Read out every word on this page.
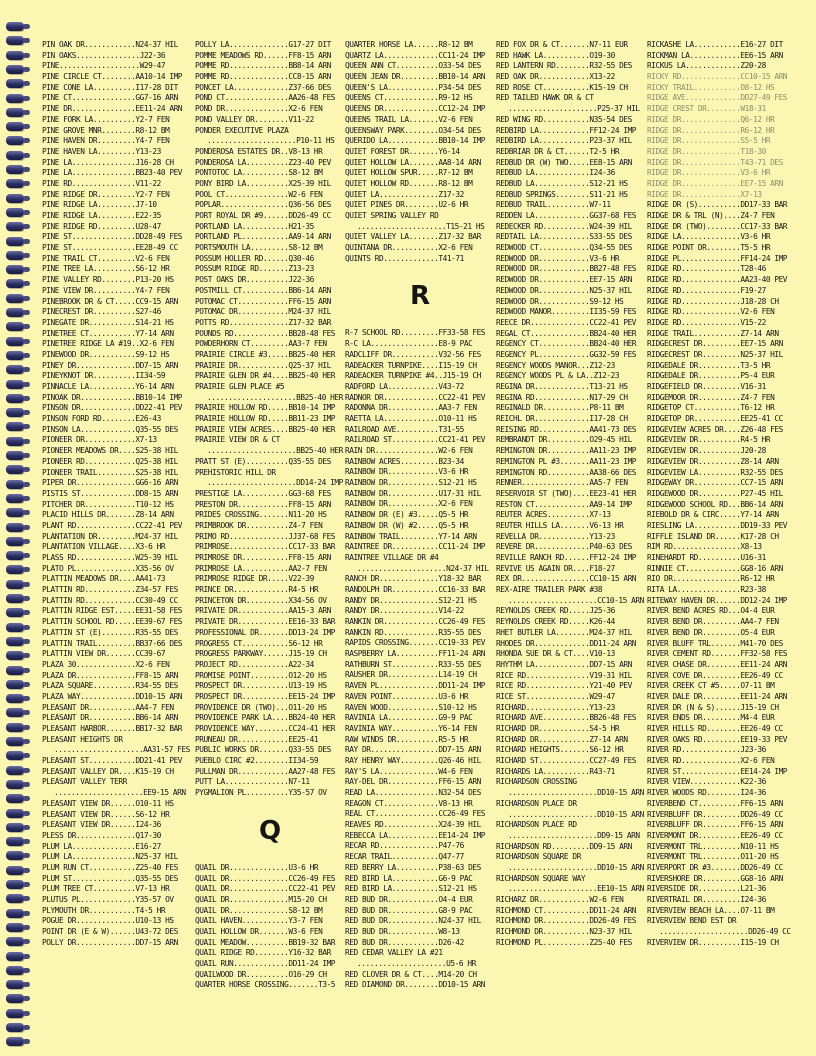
PIN OAK DR............N24-37 HIL
PIN OAKS...............J22-36
PINE...................W29-47
PINE CIRCLE CT........AA10-14 IMP
PINE CONE LA..........I17-28 DIT
PINE CT...............GG7-16 ARN
PINE DR...............EE11-24 ARN
PINE FORK LA..........Y2-7 FEN
PINE GROVE MNR........R8-12 BM
PINE HAVEN DR.........Y4-7 FEN
PINE HAVEN LA.........Y13-23
PINE LA...............J16-28 CH
PINE LA...............BB23-40 PEV
PINE RD...............V11-22
PINE RIDGE DR.........Y2-7 FEN
PINE RIDGE LA.........J7-10
PINE RIDGE LA.........E22-35
PINE RIDGE RD.........U28-47
PINE ST...............DD28-49 FES
PINE ST...............EE28-49 CC
PINE TRAIL CT.........V2-6 FEN
PINE TREE LA..........S6-12 HR
PINE VALLEY RD........P13-20 HS
PINE VIEW DR..........Y4-7 FEN
PINEBROOK DR & CT.....CC9-15 ARN
PINECREST DR..........S27-46
PINEGATE DR...........S14-21 HS
PINETREE CT...........Y7-14 ARN
PINETREE RIDGE LA #19..X2-6 FEN
PINEWOOD DR...........S9-12 HS
PINEY DR..............DD7-15 ARN
PINEYKNOT DR..........II34-59
PINNACLE LA...........Y6-14 ARN
PINOAK DR.............BB10-14 IMP
PINSON DR.............DD22-41 PEV
PINSON FORD RD........E26-43
PINSON LA.............Q35-55 DES
PIONEER DR............X7-13
PIONEER MEADOWS DR....S25-38 HIL
PIONEER RD............Q25-38 HIL
PIONEER TRAIL.........S25-38 HIL
PIPER DR..............GG6-16 ARN
PISTIS ST.............DD8-15 ARN
PITCHER DR............T10-12 HS
PLACID HILLS DR.......Z8-14 ARN
PLANT RD..............CC22-41 PEV
PLANTATION DR.........M24-37 HIL
PLANTATION VILLAGE....X3-6 HR
PLASS RD..............W25-39 HIL
PLATO PL..............X35-56 OV
PLATTIN MEADOWS DR....AA41-73
PLATTIN RD............Z34-57 FES
PLATTIN RD............CC30-49 CC
PLATTIN RIDGE EST.....EE31-58 FES
PLATTIN SCHOOL RD.....EE39-67 FES
PLATTIN ST (E)........R35-55 DES
PLATTIN TRAIL.........BB37-66 DES
PLATTIN VIEW DR.......CC39-67
PLAZA 30..............X2-6 FEN
PLAZA DR..............FF8-15 ARN
PLAZA SQUARE..........R34-55 DES
PLAZA WAY.............DD10-15 ARN
PLEASANT DR...........AA4-7 FEN
PLEASANT DR...........BB6-14 ARN
PLEASANT HARBOR.......BB17-32 BAR
PLEASANT HEIGHTS DR
.....................AA31-57 FES
PLEASANT ST...........DD21-41 PEV
PLEASANT VALLEY DR....K15-19 CH
PLEASANT VALLEY TERR
.....................EE9-15 ARN
PLEASANT VIEW DR......O10-11 HS
PLEASANT VIEW DR......S6-12 HR
PLEASANT VIEW DR......I24-36
PLESS DR..............Q17-30
PLUM LA...............E16-27
PLUM LA...............N25-37 HIL
PLUM RUN CT...........Z25-40 FES
PLUM ST...............Q35-55 DES
PLUM TREE CT..........V7-13 HR
PLUTUS PL.............Y35-57 OV
PLYMOUTH DR...........T4-5 HR
POGUE DR..............U10-13 HS
POINT DR (E & W)......U43-72 DES
POLLY DR..............DD7-15 ARN
POLLY LA..............G17-27 DIT
POMME MEADOWS RD......FF8-15 ARN
POMME RD..............BB8-14 ARN
POMME RD..............CC8-15 ARN
PONCET LA.............Z37-66 DES
POND CT...............AA26-48 FES
POND DR...............X2-6 FEN
POND VALLEY DR........V11-22
PONDER EXECUTIVE PLAZA
.....................P10-11 HS
PONDEROSA ESTATES DR..V8-13 HR
PONDEROSA LA..........Z23-40 PEV
PONTOTOC LA...........S8-12 BM
PONY BIRD LA..........X25-39 HIL
POOL CT...............W2-6 FEN
POPLAR................Q36-56 DES
PORT ROYAL DR #9......DD26-49 CC
PORTLAND LA...........H21-35
PORTLAND PL...........AA9-14 ARN
PORTSMOUTH LA.........S8-12 BM
POSSUM HOLLER RD......Q30-46
POSSUM RIDGE RD.......Z13-23
POST OAKS DR..........J22-36
POSTMILL CT...........BB6-14 ARN
POTOMAC CT............FF6-15 ARN
POTOMAC DR............M24-37 HIL
POTTS RD..............Z17-32 BAR
POUNDS RD.............BB28-48 FES
POWDERHORN CT.........AA3-7 FEN
PRAIRIE CIRCLE #3.....BB25-40 HER
PRAIRIE DR............Q25-37 HIL
PRAIRIE GLEN DR #4....BB25-40 HER
PRAIRIE GLEN PLACE #5
.....................BB25-40 HER
PRAIRIE HOLLOW RD.....BB10-14 IMP
PRAIRIE HOLLOW RD.....BB11-23 IMP
PRAIRIE VIEW ACRES....BB25-40 HER
PRAIRIE VIEW DR & CT
.....................BB25-40 HER
PRATT ST (E)..........Q35-55 DES
PREHISTORIC HILL DR
.....................DD14-24 IMP
PRESTIGE LA...........GG3-68 FES
PRESTON DR............FF8-15 ARN
PRIDES CROSSING.......N11-20 HS
PRIMBROOK DR..........Z4-7 FEN
PRIMO RD..............JJ37-68 FES
PRIMROSE..............CC17-33 BAR
PRIMROSE DR...........FF8-15 ARN
PRIMROSE LA...........AA2-7 FEN
PRIMROSE RIDGE DR.....V22-39
PRINCE DR.............R4-5 HR
PRINCETON DR..........X34-56 OV
PRIVATE DR............AA15-3 ARN
PRIVATE DR............EE16-33 BAR
PROFESSIONAL DR.......DD13-24 IMP
PROGRESS CT...........S6-12 HR
PROGRESS PARKWAY......J15-19 CH
PROJECT RD............A22-34
PROMISE POINT.........O12-20 HS
PROSPECT DR...........U13-19 HS
PROSPECT DR...........EE15-24 IMP
PROVIDENCE DR (TWO)...O11-20 HS
PROVIDENCE PARK LA....BB24-40 HER
PROVIDENCE WAY........CC24-41 HER
PRUNEAU DR............EE25-41
PUBLIC WORKS DR.......Q33-55 DES
PUEBLO CIRC #2........II34-59
PULLMAN DR............AA27-48 FES
PUTT LA...............N7-11
PYGMALION PL..........Y35-57 OV
Q
QUAIL DR..............U3-6 HR
QUAIL DR..............CC26-49 FES
QUAIL DR..............CC22-41 PEV
QUAIL DR..............M15-20 CH
QUAIL DR..............S8-12 BM
QUAIL HAVEN...........Y3-7 FEN
QUAIL HOLLOW DR.......W3-6 FEN
QUAIL MEADOW..........BB19-32 BAR
QUAIL RIDGE RD........Y16-32 BAR
QUAIL RUN.............DD11-24 IMP
QUAILWOOD DR..........O16-29 CH
QUARTER HORSE CROSSING.......T3-5
QUARTER HORSE LA......R8-12 BM
QUARTZ LA.............CC11-24 IMP
QUEEN ANN CT..........O33-54 DES
QUEEN JEAN DR.........BB10-14 ARN
QUEEN'S LA............P34-54 DES
QUEENS CT.............R9-12 HS
QUEENS DR.............CC12-24 IMP
QUEENS TRAIL LA.......V2-6 FEN
QUEENSWAY PARK........O34-54 DES
QUERIDO LA............BB10-14 IMP
QUIET FOREST DR.......Y6-14
QUIET HOLLOW LA.......AA8-14 ARN
QUIET HOLLOW SPUR.....R7-12 BM
QUIET HOLLOW RD.......R8-12 BM
QUIET LA..............Z17-32
QUIET PINES DR........U2-6 HR
QUIET SPRING VALLEY RD
.....................T15-21 HS
QUIET VALLEY LA.......Z17-32 BAR
QUINTANA DR...........X2-6 FEN
QUINTS RD.............T41-71
R
R-7 SCHOOL RD.........FF33-58 FES
R-C LA................E8-9 PAC
RADCLIFF DR...........V32-56 FES
RADEACKER TURNPIKE....I15-19 CH
RADEACKER TURNPIKE #4..J15-19 CH
RADFORD LA............V43-72
RADNOR DR.............CC22-41 PEV
RADONNA DR............AA3-7 FEN
RAETTA LA.............O10-11 HS
RAILROAD AVE..........T31-55
RAILROAD ST...........CC21-41 PEV
RAIN DR...............W2-6 FEN
RAINBOW ACRES.........B23-34
RAINBOW DR............V3-6 HR
RAINBOW DR............S12-21 HS
RAINBOW DR............U17-31 HIL
RAINBOW DR............X2-6 FEN
RAINBOW DR (E) #3.....Q5-5 HR
RAINBOW DR (W) #2.....Q5-5 HR
RAINBOW TRAIL.........Y7-14 ARN
RAINTREE DR...........CC11-24 IMP
RAINTREE VILLAGE DR #4
.....................N24-37 HIL
RANCH DR..............Y18-32 BAR
RANDOLPH DR...........CC16-33 BAR
RANDY DR..............S12-21 HS
RANDY DR..............V14-22
RANKIN DR.............CC26-49 FES
RANKIN RD.............R35-55 DES
RAPIDS CROSSING.......CC19-33 PEV
RASPBERRY LA..........FF11-24 ARN
RATHBURN ST...........R33-55 DES
RAUSHER DR............L14-19 CH
RAVEN PL..............DD11-24 IMP
RAVEN POINT...........U3-6 HR
RAVEN WOOD............S10-12 HS
RAVINIA LA............G9-9 PAC
RAVINIA WAY...........Y6-14 FEN
RAW WINDS DR..........R5-5 HR
RAY DR................DD7-15 ARN
RAY HENRY WAY.........Q26-46 HIL
RAY'S LA..............W4-6 FEN
RAY-DEL DR............FF6-15 ARN
READ LA...............N32-54 DES
REAGON CT.............V8-13 HR
REAL CT...............CC26-49 FES
REAVES RD.............X24-39 HIL
REBECCA LA............EE14-24 IMP
RECAR RD..............P47-76
RECAR TRAIL...........Q47-77
RED BERRY LA..........P38-63 DES
RED BIRD LA...........G6-9 PAC
RED BIRD LA...........S12-21 HS
RED BUD DR............O4-4 EUR
RED BUD DR............G8-9 PAC
RED BUD DR............N24-37 HIL
RED BUD DR............W8-13
RED BUD DR............D26-42
RED CEDAR VALLEY LA #21
.....................U5-6 HR
RED CLOVER DR & CT....M14-20 CH
RED DIAMOND DR........DD10-15 ARN
RED FOX DR & CT.......N7-11 EUR
RED HAWK LA...........O19-30
RED LANTERN RD........R32-55 DES
RED OAK DR............X13-22
RED ROSE CT...........K15-19 CH
RED TAILED HAWK DR & CT
.....................P25-37 HIL
RED WING RD...........N35-54 DES
REDBIRD LA............FF12-24 IMP
REDBIRD LA............P23-37 HIL
REDBRIAR DR & CT......T2-5 HR
REDBUD DR (W) TWO.....EE8-15 ARN
REDBUD LA.............I24-36
REDBUD LA.............S12-21 HS
REDBUD SPRINGS........S11-21 HS
REDBUD TRAIL..........W7-11
REDDEN LA.............GG37-68 FES
REDECKER RD...........W24-39 HIL
REDTAIL LA............S33-55 DES
REDWOOD CT............Q34-55 DES
REDWOOD DR............V3-6 HR
REDWOOD DR............BB27-48 FES
REDWOOD DR............EE7-15 ARN
REDWOOD DR............N25-37 HIL
REDWOOD DR............S9-12 HS
REDWOOD MANOR.........II35-59 FES
REECE DR..............CC22-41 PEV
REGAL CT..............BB24-40 HER
REGENCY CT............BB24-40 HER
REGENCY PL............GG32-59 FES
REGENCY WOODS MANOR...Z12-23
REGENCY WOODS PL & LA..Z12-23
REGINA DR.............T13-21 HS
REGINA RD.............N17-29 CH
REGINALD DR...........P8-11 BM
REICHL DR.............I17-28 CH
REISING RD............AA41-73 DES
REMBRANDT DR..........O29-45 HIL
REMINGTON DR..........AA11-23 IMP
REMINGTON PL #3.......AA11-23 IMP
REMINGTON RD..........AA38-66 DES
RENNER................AA5-7 FEN
RESERVOIR ST (TWO)....EE23-41 HER
RESTON CT.............AA9-14 IMP
REUTER ACRES..........X7-13
REUTER HILLS LA.......V6-13 HR
REVELLA DR............Y13-23
REVERE DR.............P40-63 DES
REVILLE RANCH RD......FF12-24 IMP
REVIVE US AGAIN DR....F18-27
REX DR................CC10-15 ARN
REX-AIRE TRAILER PARK #38
.....................CC10-15 ARN
REYNOLDS CREEK RD.....J25-36
REYNOLDS CREEK RD.....K26-44
RHET BUTLER LA........M24-37 HIL
RHODES DR.............DD11-24 ARN
RHONDA SUE DR & CT....V10-13
RHYTHM LA.............DD7-15 ARN
RICE RD...............V19-31 HIL
RICE RD...............Y21-40 PEV
RICE ST...............W29-47
RICHARD...............Y13-23
RICHARD AVE...........BB26-48 FES
RICHARD DR............S4-5 HR
RICHARD DR............Z7-14 ARN
RICHARD HEIGHTS.......S6-12 HR
RICHARD ST............CC27-49 FES
RICHARDS LA...........R43-71
RICHARDSON CROSSING
.....................DD10-15 ARN
RICHARDSON PLACE DR
.....................DD10-15 ARN
RICHARDSON PLACE RD
.....................DD9-15 ARN
RICHARDSON RD.........DD9-15 ARN
RICHARDSON SQUARE DR
.....................DD10-15 ARN
RICHARDSON SQUARE WAY
.....................EE10-15 ARN
RICHARZ DR............W2-6 FEN
RICHMOND CT...........DD11-24 ARN
RICHMOND DR...........DD26-49 FES
RICHMOND DR...........N23-37 HIL
RICHMOND PL...........Z25-40 FES
RICKASHE LA...........E16-27 DIT
RICKMAN LA............EE6-15 ARN
RICKUS LA.............Z20-28
RICKY RD..............CC10-15 ARN
RICKY TRAIL...........O8-12 HS
RIDGE AVE.............DD27-49 FES
RIDGE CREST DR........W18-31
RIDGE DR..............Q6-12 HR
RIDGE DR..............R6-12 HR
RIDGE DR..............S5-5 HR
RIDGE DR..............T18-30
RIDGE DR..............T43-71 DES
RIDGE DR..............V3-6 HR
RIDGE DR..............EE7-15 ARN
RIDGE DR..............X7-13
RIDGE DR (S)..........DD17-33 BAR
RIDGE DR & TRL (N)....Z4-7 FEN
RIDGE DR (TWO)........CC17-33 BAR
RIDGE LA..............V3-6 HR
RIDGE POINT DR........T5-5 HR
RIDGE PL..............FF14-24 IMP
RIDGE RD..............T28-46
RIDGE RD..............AA23-40 PEV
RIDGE RD..............F19-27
RIDGE RD..............J18-28 CH
RIDGE RD..............V2-6 FEN
RIDGE RD..............V15-22
RIDGE TRAIL...........Z7-14 ARN
RIDGECREST DR.........EE7-15 ARN
RIDGECREST DR.........N25-37 HIL
RIDGEDALE DR..........T3-5 HR
RIDGEDALE DR..........P5-4 EUR
RIDGEFIELD DR.........V16-31
RIDGEMOOR DR..........Z4-7 FEN
RIDGETOP CT...........T6-12 HR
RIDGETOP DR...........EE25-41 CC
RIDGEVIEW ACRES DR....Z26-48 FES
RIDGEVIEW DR..........R4-5 HR
RIDGEVIEW DR..........J20-28
RIDGEVIEW DR..........Z8-14 ARN
RIDGEVIEW LA..........R32-55 DES
RIDGEWAY DR...........CC7-15 ARN
RIDGEWOOD DR..........P27-45 HIL
RIDGEWOOD SCHOOL RD...BB6-14 ARN
RIEBOLD DR & CIRC.....Y7-14 ARN
RIESLING LA...........DD19-33 PEV
RIFFLE ISLAND DR......K17-28 CH
RIM RD................X8-13
RINEHARDT RD..........U16-31
RINNIE CT.............GG8-16 ARN
RIO DR................R6-12 HR
RITA LA...............R23-38
RITEWAY HAVEN DR......DD12-24 IMP
RIVER BEND ACRES RD...O4-4 EUR
RIVER BEND DR.........AA4-7 FEN
RIVER BEND DR.........O5-4 EUR
RIVER BLUFF TRL.......M41-70 DES
RIVER CEMENT RD.......FF32-58 FES
RIVER CHASE DR........EE11-24 ARN
RIVER COVE DR.........EE26-49 CC
RIVER CREEK CT #5.....O7-11 BM
RIVER DALE DR.........EE11-24 ARN
RIVER DR (N & S)......J15-19 CH
RIVER ENDS DR.........M4-4 EUR
RIVER HILLS RD........EE26-49 CC
RIVER OAKS RD.........EE19-33 PEV
RIVER RD..............J23-36
RIVER RD..............X2-6 FEN
RIVER ST..............EE14-24 IMP
RIVER VIEW............K22-36
RIVER WOODS RD........I24-36
RIVERBEND CT..........FF6-15 ARN
RIVERBLUFF DR.........DD26-49 CC
RIVERBLUFF DR.........FF6-15 ARN
RIVERMONT DR..........EE26-49 CC
RIVERMONT TRL.........N10-11 HS
RIVERMONT TRL.........O11-20 HS
RIVERPORT DR #3.......DD26-49 CC
RIVERSHORE DR.........GG8-16 ARN
RIVERSIDE DR..........L21-36
RIVERTRAIL DR.........I24-36
RIVERVIEW BEACH LA....O7-11 BM
RIVERVIEW BEND EST DR
.....................DD26-49 CC
RIVERVIEW DR..........I15-19 CH
